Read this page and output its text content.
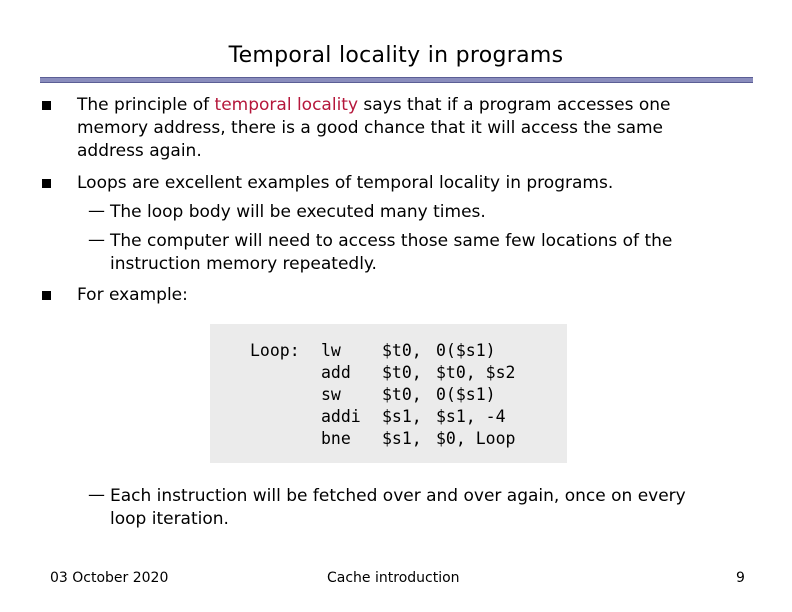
Temporal locality in programs
The principle of temporal locality says that if a program accesses one
memory address, there is a good chance that it will access the same
address again.
Loops are excellent examples of temporal locality in programs.
— The loop body will be executed many times.
— The computer will need to access those same few locations of the
instruction memory repeatedly.
For example:
Loop: lw $t0, 0($s1)
add $t0, $t0, $s2
sw $t0, 0($s1)
addi $s1, $s1, -4
bne $s1, $0, Loop
— Each instruction will be fetched over and over again, once on every
loop iteration.
03 October 2020	Cache introduction	9
